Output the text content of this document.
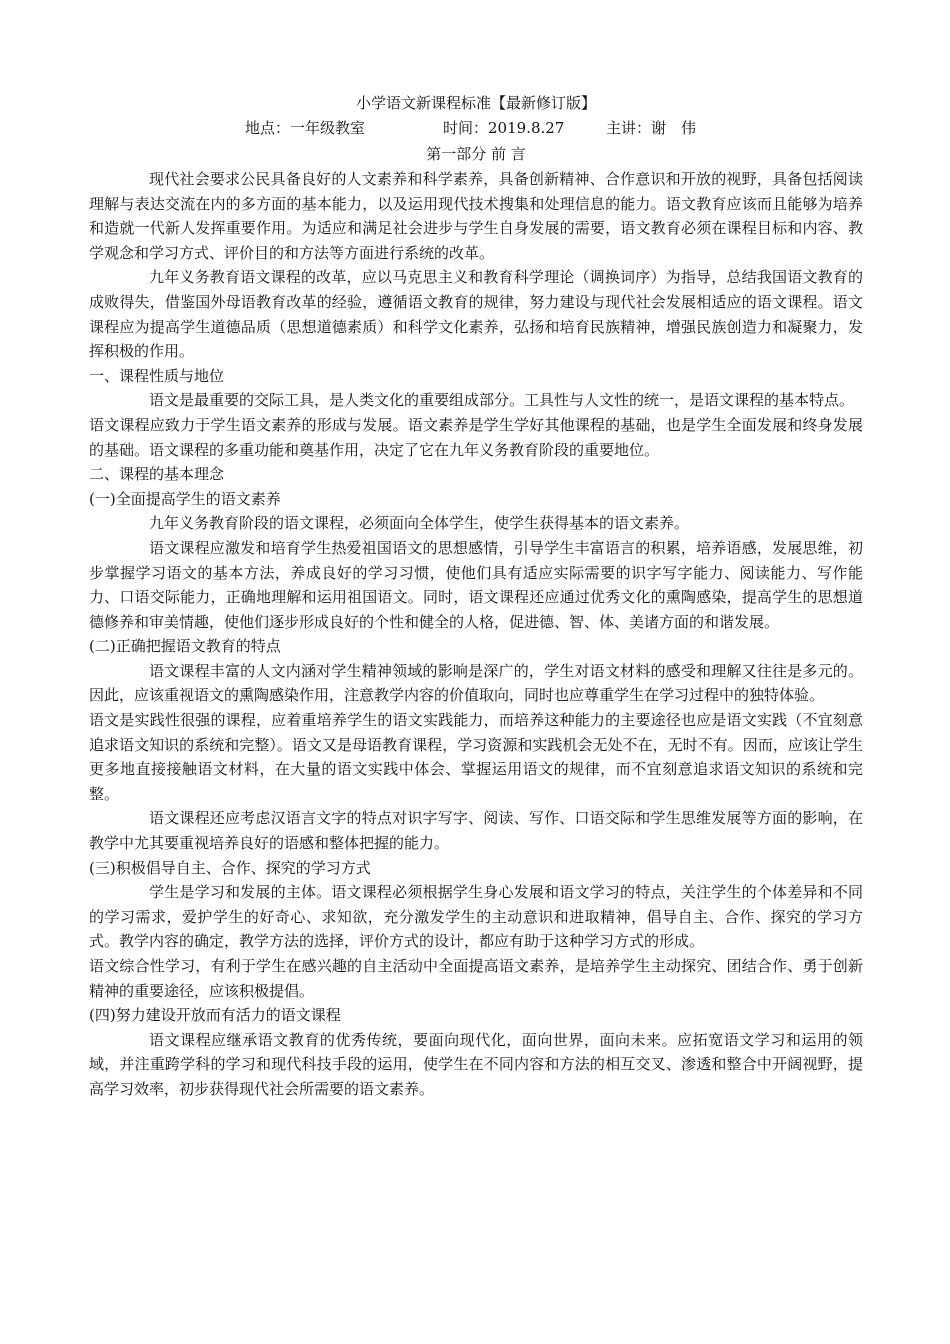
小学语文新课程标准【最新修订版】
地点：一年级教室	时间：2019.8.27	主讲：谢　伟
第一部分 前 言

现代社会要求公民具备良好的人文素养和科学素养，具备创新精神、合作意识和开放的视野，具备包括阅读理解与表达交流在内的多方面的基本能力，以及运用现代技术搜集和处理信息的能力。语文教育应该而且能够为培养和造就一代新人发挥重要作用。为适应和满足社会进步与学生自身发展的需要，语文教育必须在课程目标和内容、教学观念和学习方式、评价目的和方法等方面进行系统的改革。

九年义务教育语文课程的改革，应以马克思主义和教育科学理论（调换词序）为指导，总结我国语文教育的成败得失，借鉴国外母语教育改革的经验，遵循语文教育的规律，努力建设与现代社会发展相适应的语文课程。语文课程应为提高学生道德品质（思想道德素质）和科学文化素养，弘扬和培育民族精神，增强民族创造力和凝聚力，发挥积极的作用。

一、课程性质与地位

语文是最重要的交际工具，是人类文化的重要组成部分。工具性与人文性的统一，是语文课程的基本特点。

语文课程应致力于学生语文素养的形成与发展。语文素养是学生学好其他课程的基础，也是学生全面发展和终身发展的基础。语文课程的多重功能和奠基作用，决定了它在九年义务教育阶段的重要地位。

二、课程的基本理念

(一)全面提高学生的语文素养

九年义务教育阶段的语文课程，必须面向全体学生，使学生获得基本的语文素养。

语文课程应激发和培育学生热爱祖国语文的思想感情，引导学生丰富语言的积累，培养语感，发展思维，初步掌握学习语文的基本方法，养成良好的学习习惯，使他们具有适应实际需要的识字写字能力、阅读能力、写作能力、口语交际能力，正确地理解和运用祖国语文。同时，语文课程还应通过优秀文化的熏陶感染，提高学生的思想道德修养和审美情趣，使他们逐步形成良好的个性和健全的人格，促进德、智、体、美诸方面的和谐发展。

(二)正确把握语文教育的特点

语文课程丰富的人文内涵对学生精神领域的影响是深广的，学生对语文材料的感受和理解又往往是多元的。因此，应该重视语文的熏陶感染作用，注意教学内容的价值取向，同时也应尊重学生在学习过程中的独特体验。

语文是实践性很强的课程，应着重培养学生的语文实践能力，而培养这种能力的主要途径也应是语文实践（不宜刻意追求语文知识的系统和完整）。语文又是母语教育课程，学习资源和实践机会无处不在，无时不有。因而，应该让学生更多地直接接触语文材料，在大量的语文实践中体会、掌握运用语文的规律，而不宜刻意追求语文知识的系统和完整。

语文课程还应考虑汉语言文字的特点对识字写字、阅读、写作、口语交际和学生思维发展等方面的影响，在教学中尤其要重视培养良好的语感和整体把握的能力。

(三)积极倡导自主、合作、探究的学习方式

学生是学习和发展的主体。语文课程必须根据学生身心发展和语文学习的特点，关注学生的个体差异和不同的学习需求，爱护学生的好奇心、求知欲，充分激发学生的主动意识和进取精神，倡导自主、合作、探究的学习方式。教学内容的确定，教学方法的选择，评价方式的设计，都应有助于这种学习方式的形成。

语文综合性学习，有利于学生在感兴趣的自主活动中全面提高语文素养，是培养学生主动探究、团结合作、勇于创新精神的重要途径，应该积极提倡。

(四)努力建设开放而有活力的语文课程

语文课程应继承语文教育的优秀传统，要面向现代化，面向世界，面向未来。应拓宽语文学习和运用的领域，并注重跨学科的学习和现代科技手段的运用，使学生在不同内容和方法的相互交叉、渗透和整合中开阔视野，提高学习效率，初步获得现代社会所需要的语文素养。
